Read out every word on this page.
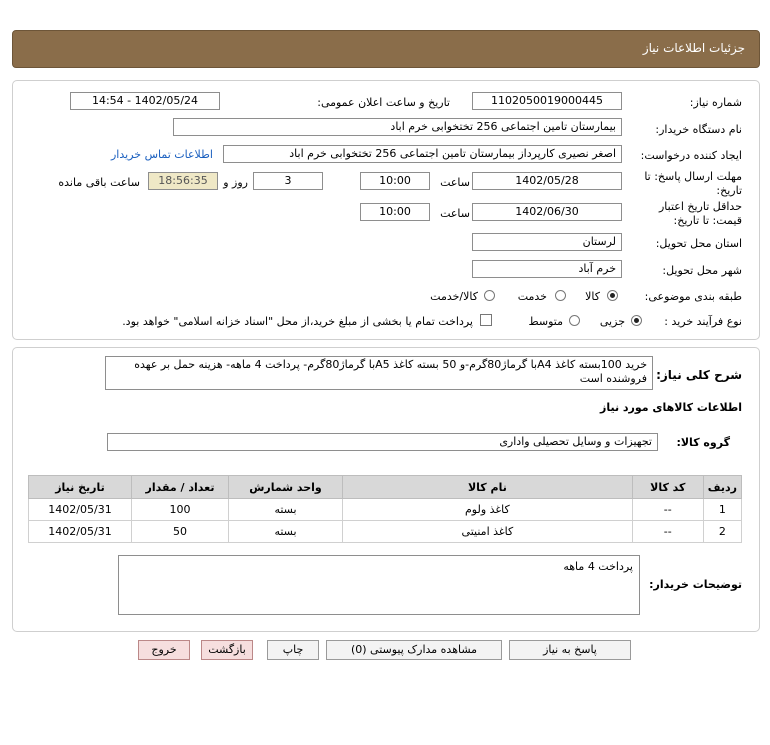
جزئیات اطلاعات نیاز
شماره نیاز:
1102050019000445
تاریخ و ساعت اعلان عمومی:
1402/05/24 - 14:54
نام دستگاه خریدار:
بیمارستان تامین اجتماعی 256 تختخوابی خرم اباد
ایجاد کننده درخواست:
اصغر نصیری کارپرداز بیمارستان تامین اجتماعی 256 تختخوابی خرم اباد
اطلاعات تماس خریدار
مهلت ارسال پاسخ: تا
تاریخ:
1402/05/28
ساعت
10:00
3
روز و
18:56:35
ساعت باقی مانده
حداقل تاریخ اعتبار
قیمت: تا تاریخ:
1402/06/30
ساعت
10:00
استان محل تحویل:
لرستان
شهر محل تحویل:
خرم آباد
طبقه بندی موضوعی:
کالا
خدمت
کالا/خدمت
نوع فرآیند خرید :
جزیی
متوسط
پرداخت تمام یا بخشی از مبلغ خرید،از محل "اسناد خزانه اسلامی" خواهد بود.
شرح کلی نیاز:
خرید 100بسته کاغذ A4با گرماژ80گرم-و 50 بسته کاغذ A5با گرماژ80گرم- پرداخت 4 ماهه- هزینه حمل بر عهده فروشنده است
اطلاعات کالاهای مورد نیاز
گروه کالا:
تجهیزات و وسایل تحصیلی واداری
ردیف	کد کالا	نام کالا	واحد شمارش	تعداد / مقدار	تاریخ نیاز
1	--	کاغذ ولوم	بسته	100	1402/05/31
2	--	کاغذ امنیتی	بسته	50	1402/05/31
توضیحات خریدار:
پرداخت 4 ماهه
پاسخ به نیاز
مشاهده مدارک پیوستی (0)
چاپ
بازگشت
خروج
